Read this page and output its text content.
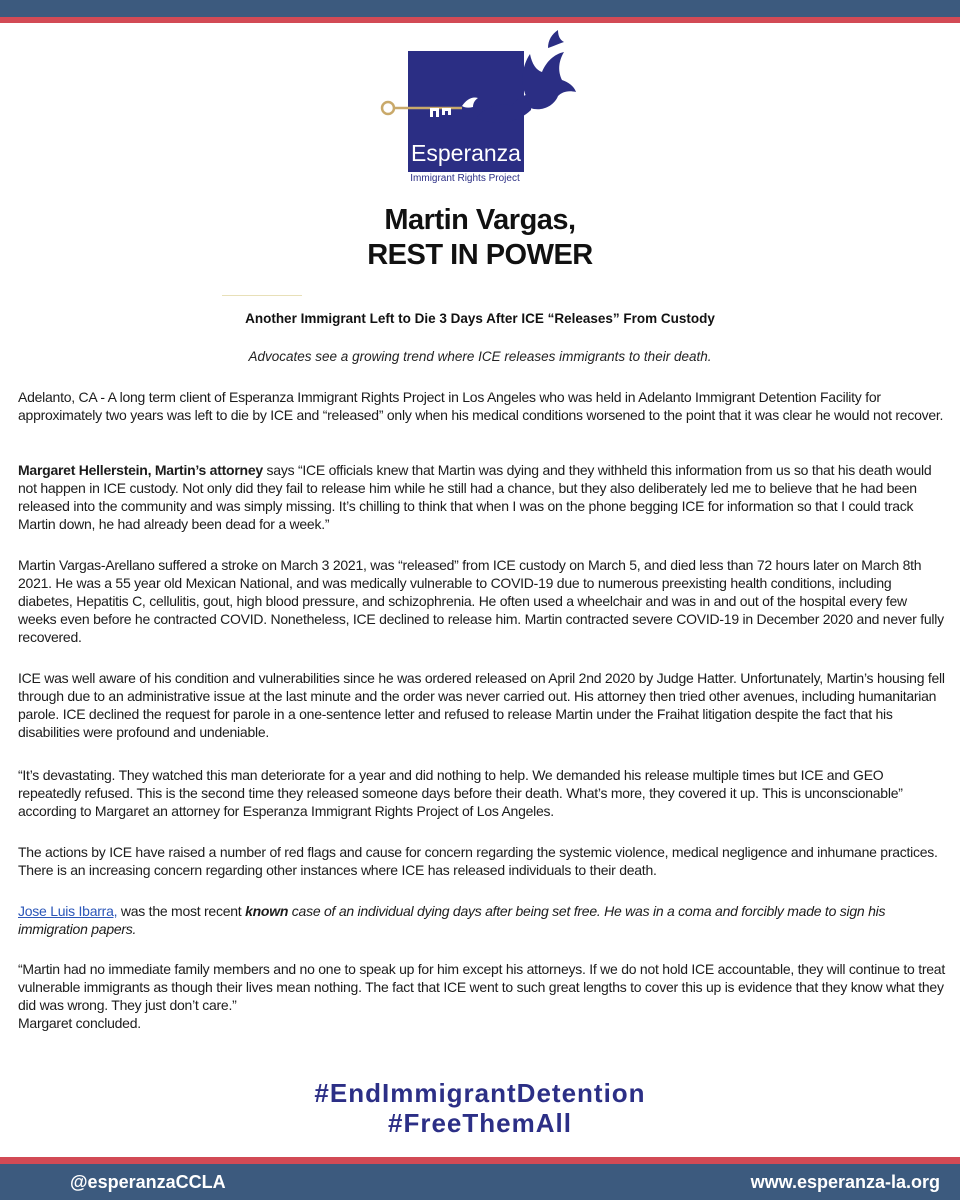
Esperanza
Immigrant Rights Project
Martin Vargas,
REST IN POWER
Another Immigrant Left to Die 3 Days After ICE “Releases” From Custody
Advocates see a growing trend where ICE releases immigrants to their death.

Adelanto, CA - A long term client of Esperanza Immigrant Rights Project in Los Angeles who was held in Adelanto Immigrant Detention Facility for approximately two years was left to die by ICE and “released” only when his medical conditions worsened to the point that it was clear he would not recover.

Margaret Hellerstein, Martin’s attorney says “ICE officials knew that Martin was dying and they withheld this information from us so that his death would not happen in ICE custody. Not only did they fail to release him while he still had a chance, but they also deliberately led me to believe that he had been released into the community and was simply missing. It’s chilling to think that when I was on the phone begging ICE for information so that I could track Martin down, he had already been dead for a week.”

Martin Vargas-Arellano suffered a stroke on March 3 2021, was “released” from ICE custody on March 5, and died less than 72 hours later on March 8th 2021. He was a 55 year old Mexican National, and was medically vulnerable to COVID-19 due to numerous preexisting health conditions, including diabetes, Hepatitis C, cellulitis, gout, high blood pressure, and schizophrenia. He often used a wheelchair and was in and out of the hospital every few weeks even before he contracted COVID. Nonetheless, ICE declined to release him. Martin contracted severe COVID-19 in December 2020 and never fully recovered.

ICE was well aware of his condition and vulnerabilities since he was ordered released on April 2nd 2020 by Judge Hatter. Unfortunately, Martin’s housing fell through due to an administrative issue at the last minute and the order was never carried out. His attorney then tried other avenues, including humanitarian parole. ICE declined the request for parole in a one-sentence letter and refused to release Martin under the Fraihat litigation despite the fact that his disabilities were profound and undeniable.

“It’s devastating. They watched this man deteriorate for a year and did nothing to help. We demanded his release multiple times but ICE and GEO repeatedly refused. This is the second time they released someone days before their death. What’s more, they covered it up. This is unconscionable” according to Margaret an attorney for Esperanza Immigrant Rights Project of Los Angeles.

The actions by ICE have raised a number of red flags and cause for concern regarding the systemic violence, medical negligence and inhumane practices. There is an increasing concern regarding other instances where ICE has released individuals to their death.

Jose Luis Ibarra, was the most recent known case of an individual dying days after being set free. He was in a coma and forcibly made to sign his immigration papers.

“Martin had no immediate family members and no one to speak up for him except his attorneys. If we do not hold ICE accountable, they will continue to treat vulnerable immigrants as though their lives mean nothing. The fact that ICE went to such great lengths to cover this up is evidence that they know what they did was wrong. They just don’t care.”
Margaret concluded.

#EndImmigrantDetention
#FreeThemAll
@esperanzaCCLA	www.esperanza-la.org
